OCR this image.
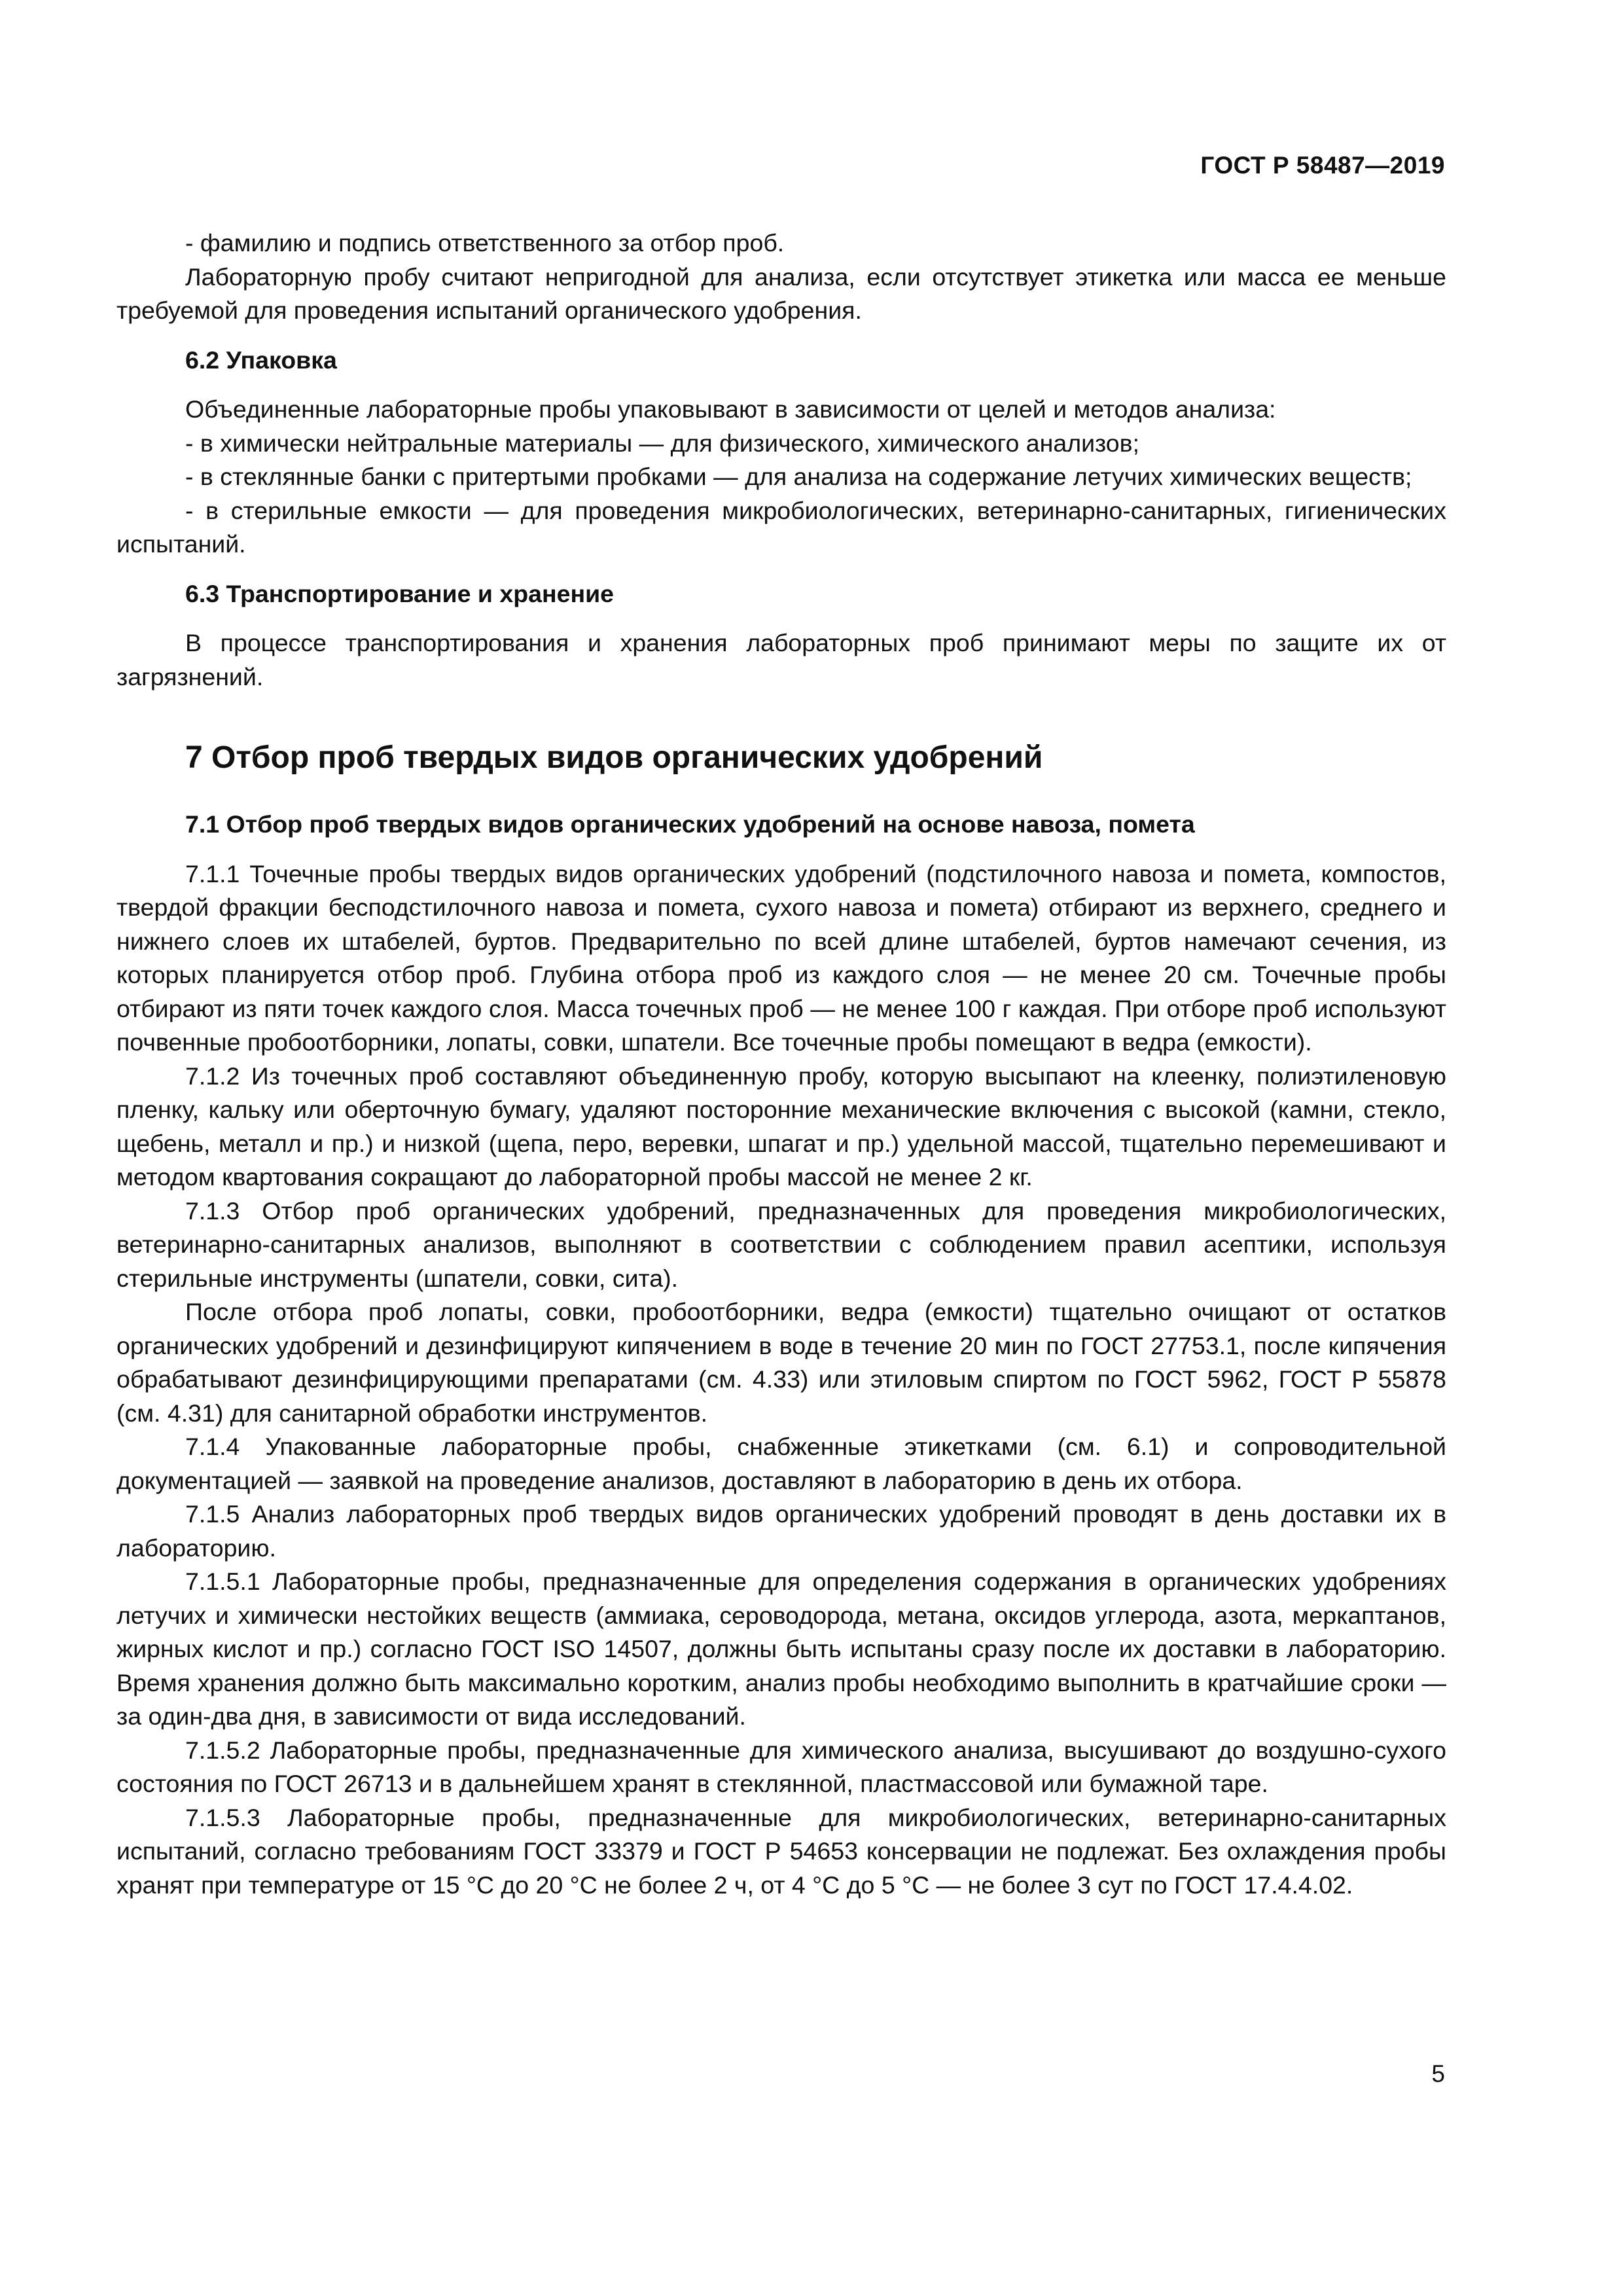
ГОСТ Р 58487—2019

- фамилию и подпись ответственного за отбор проб.

Лабораторную пробу считают непригодной для анализа, если отсутствует этикетка или масса ее меньше требуемой для проведения испытаний органического удобрения.

6.2 Упаковка

Объединенные лабораторные пробы упаковывают в зависимости от целей и методов анализа:

- в химически нейтральные материалы — для физического, химического анализов;

- в стеклянные банки с притертыми пробками — для анализа на содержание летучих химических веществ;

- в стерильные емкости — для проведения микробиологических, ветеринарно-санитарных, гигиенических испытаний.

6.3 Транспортирование и хранение

В процессе транспортирования и хранения лабораторных проб принимают меры по защите их от загрязнений.

7 Отбор проб твердых видов органических удобрений
7.1 Отбор проб твердых видов органических удобрений на основе навоза, помета

7.1.1 Точечные пробы твердых видов органических удобрений (подстилочного навоза и помета, компостов, твердой фракции бесподстилочного навоза и помета, сухого навоза и помета) отбирают из верхнего, среднего и нижнего слоев их штабелей, буртов. Предварительно по всей длине штабелей, буртов намечают сечения, из которых планируется отбор проб. Глубина отбора проб из каждого слоя — не менее 20 см. Точечные пробы отбирают из пяти точек каждого слоя. Масса точечных проб — не менее 100 г каждая. При отборе проб используют почвенные пробоотборники, лопаты, совки, шпатели. Все точечные пробы помещают в ведра (емкости).

7.1.2 Из точечных проб составляют объединенную пробу, которую высыпают на клеенку, полиэтиленовую пленку, кальку или оберточную бумагу, удаляют посторонние механические включения с высокой (камни, стекло, щебень, металл и пр.) и низкой (щепа, перо, веревки, шпагат и пр.) удельной массой, тщательно перемешивают и методом квартования сокращают до лабораторной пробы массой не менее 2 кг.

7.1.3 Отбор проб органических удобрений, предназначенных для проведения микробиологических, ветеринарно-санитарных анализов, выполняют в соответствии с соблюдением правил асептики, используя стерильные инструменты (шпатели, совки, сита).

После отбора проб лопаты, совки, пробоотборники, ведра (емкости) тщательно очищают от остатков органических удобрений и дезинфицируют кипячением в воде в течение 20 мин по ГОСТ 27753.1, после кипячения обрабатывают дезинфицирующими препаратами (см. 4.33) или этиловым спиртом по ГОСТ 5962, ГОСТ Р 55878 (см. 4.31) для санитарной обработки инструментов.

7.1.4 Упакованные лабораторные пробы, снабженные этикетками (см. 6.1) и сопроводительной документацией — заявкой на проведение анализов, доставляют в лабораторию в день их отбора.

7.1.5 Анализ лабораторных проб твердых видов органических удобрений проводят в день доставки их в лабораторию.

7.1.5.1 Лабораторные пробы, предназначенные для определения содержания в органических удобрениях летучих и химически нестойких веществ (аммиака, сероводорода, метана, оксидов углерода, азота, меркаптанов, жирных кислот и пр.) согласно ГОСТ ISO 14507, должны быть испытаны сразу после их доставки в лабораторию. Время хранения должно быть максимально коротким, анализ пробы необходимо выполнить в кратчайшие сроки — за один-два дня, в зависимости от вида исследований.

7.1.5.2 Лабораторные пробы, предназначенные для химического анализа, высушивают до воздушно-сухого состояния по ГОСТ 26713 и в дальнейшем хранят в стеклянной, пластмассовой или бумажной таре.

7.1.5.3 Лабораторные пробы, предназначенные для микробиологических, ветеринарно-санитарных испытаний, согласно требованиям ГОСТ 33379 и ГОСТ Р 54653 консервации не подлежат. Без охлаждения пробы хранят при температуре от 15 °С до 20 °С не более 2 ч, от 4 °С до 5 °С — не более 3 сут по ГОСТ 17.4.4.02.

5
